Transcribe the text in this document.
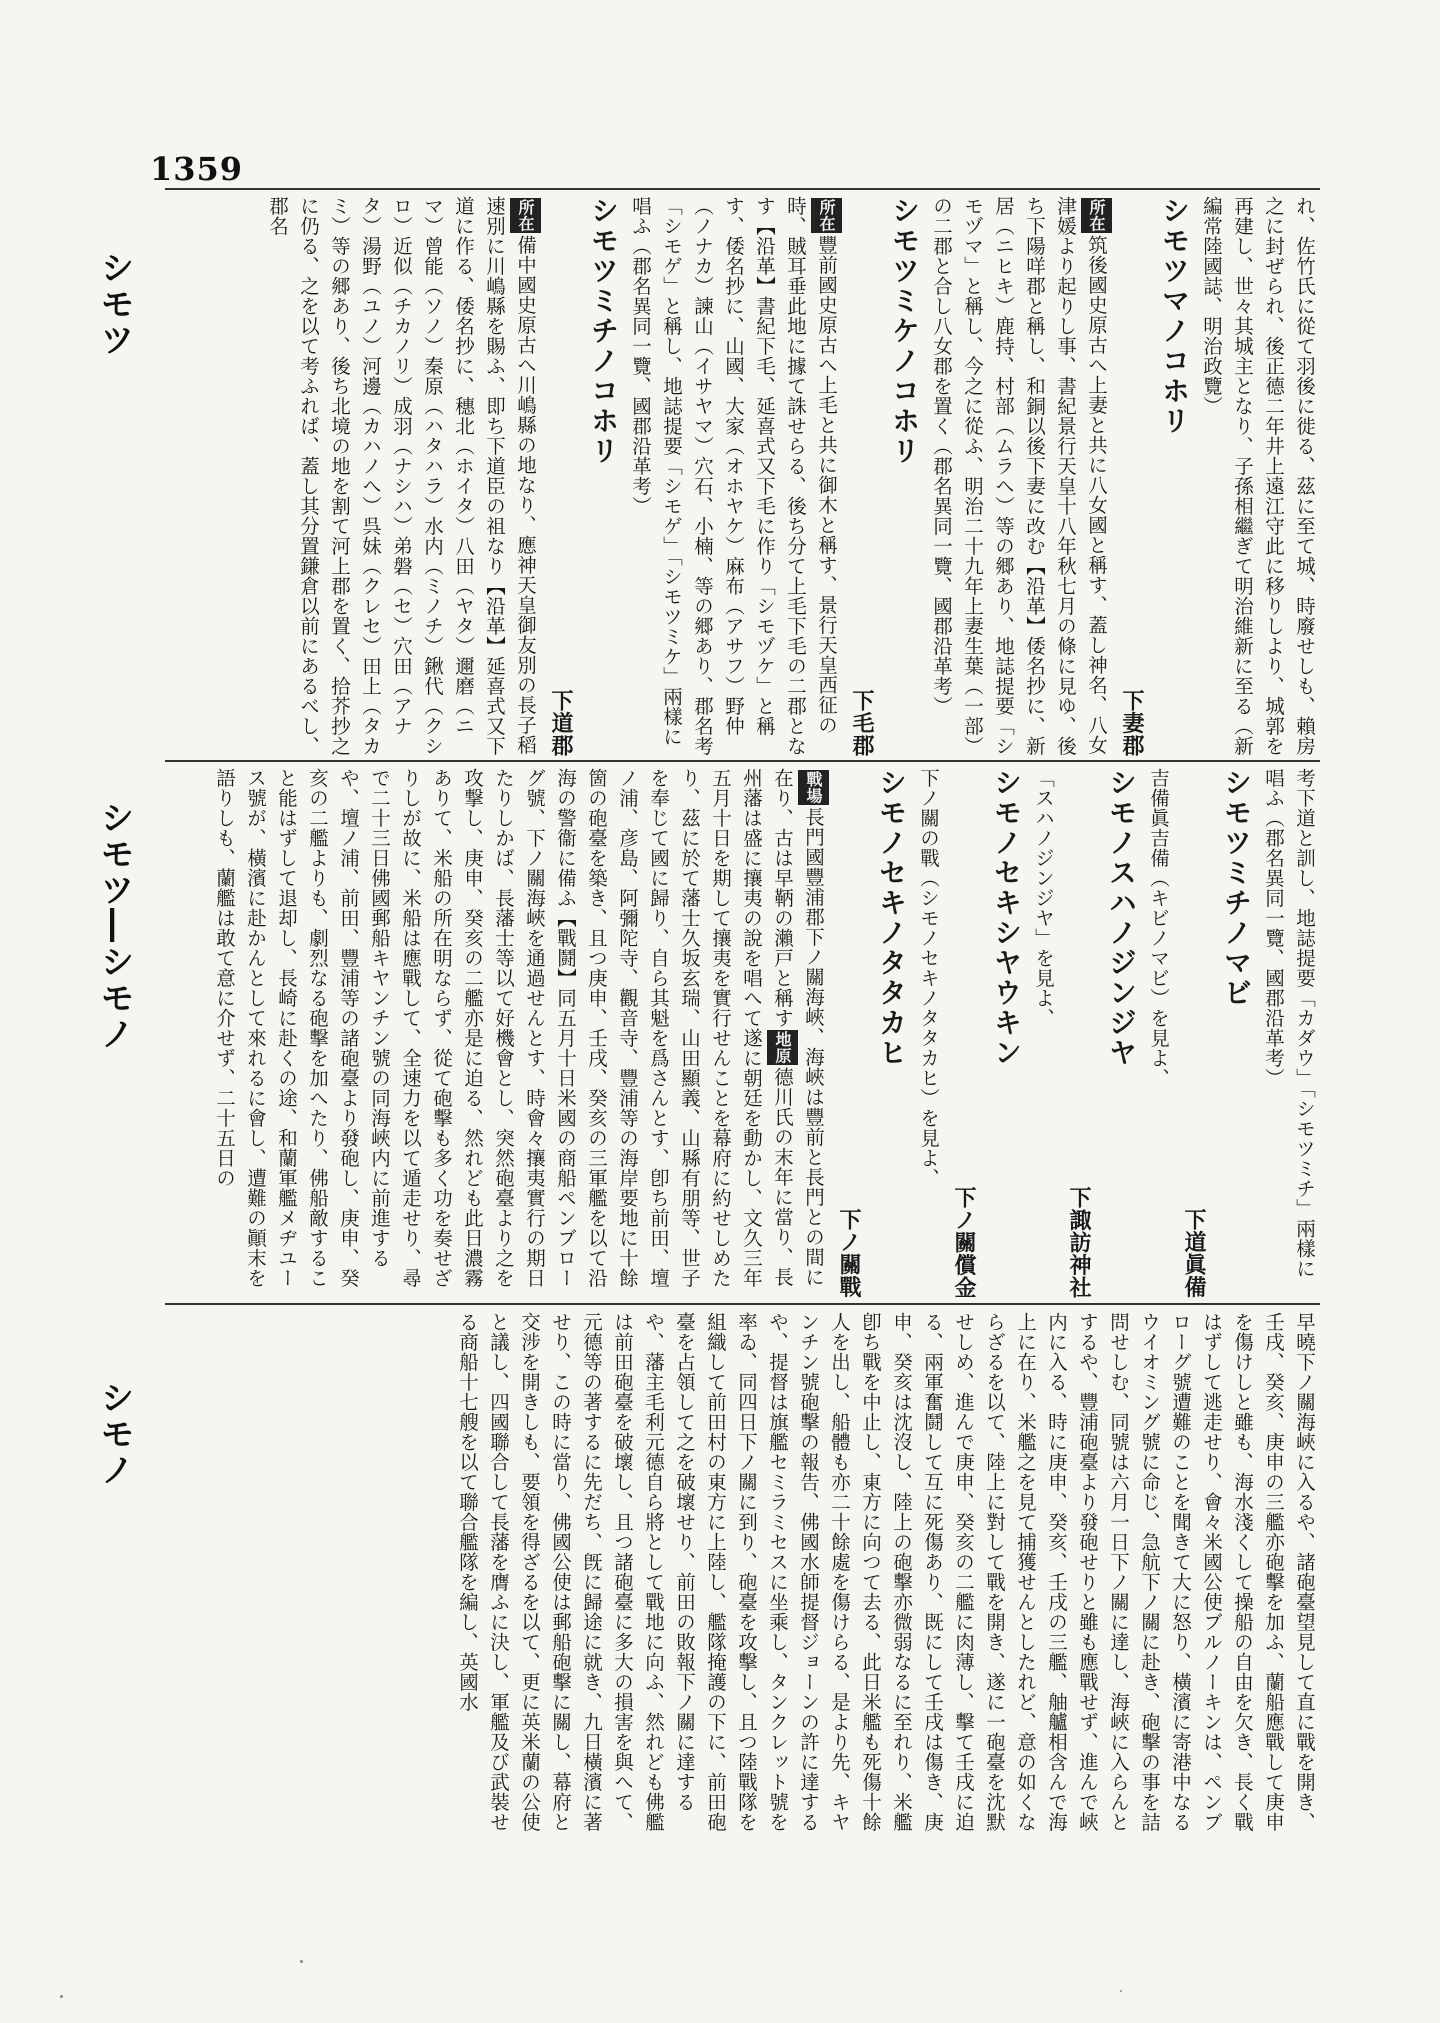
1359
シモツ
シモツ―シモノ
シモノ

れ、佐竹氏に從て羽後に徙る、茲に至て城、時廢せしも、賴房之に封ぜられ、後正德二年井上遠江守此に移りしより、城郭を再建し、世々其城主となり、子孫相繼ぎて明治維新に至る（新編常陸國誌、明治政覽）

シモツマノコホリ

下妻郡

所在筑後國史原古へ上妻と共に八女國と稱す、蓋し神名、八女津媛より起りし事、書紀景行天皇十八年秋七月の條に見ゆ、後ち下陽咩郡と稱し、和銅以後下妻に改む【沿革】倭名抄に、新居（ニヒキ）鹿持、村部（ムラヘ）等の郷あり、地誌提要「シモヅマ」と稱し、今之に從ふ、明治二十九年上妻生葉（一部）の二郡と合し八女郡を置く（郡名異同一覽、國郡沿革考）

シモツミケノコホリ

下毛郡

所在豐前國史原古へ上毛と共に御木と稱す、景行天皇西征の時、賊耳垂此地に據て誅せらる、後ち分て上毛下毛の二郡となす【沿革】書紀下毛、延喜式又下毛に作り「シモヅケ」と稱す、倭名抄に、山國、大家（オホヤケ）麻布（アサフ）野仲（ノナカ）諫山（イサヤマ）穴石、小楠、等の郷あり、郡名考「シモゲ」と稱し、地誌提要「シモゲ」「シモツミケ」兩樣に唱ふ（郡名異同一覽、國郡沿革考）

シモツミチノコホリ

下道郡

所在備中國史原古へ川嶋縣の地なり、應神天皇御友別の長子稻速別に川嶋縣を賜ふ、即ち下道臣の祖なり【沿革】延喜式又下道に作る、倭名抄に、穗北（ホイタ）八田（ヤタ）邇磨（ニマ）曾能（ソノ）秦原（ハタハラ）水内（ミノチ）鍬代（クシロ）近似（チカノリ）成羽（ナシハ）弟磐（セ）穴田（アナタ）湯野（ユノ）河邊（カハノへ）呉妹（クレセ）田上（タカミ）等の郷あり、後ち北境の地を割て河上郡を置く、拾芥抄之に仍る、之を以て考ふれば、蓋し其分置鎌倉以前にあるべし、郡名

考下道と訓し、地誌提要「カダウ」「シモツミチ」兩樣に唱ふ（郡名異同一覽、國郡沿革考）

シモツミチノマビ

下道眞備

吉備眞吉備（キビノマビ）を見よ、

シモノスハノジンジヤ

下諏訪神社

「スハノジンジヤ」を見よ、

シモノセキシヤウキン

下ノ關償金

下ノ關の戰（シモノセキノタタカヒ）を見よ、

シモノセキノタタカヒ

下ノ關戰

戰場長門國豐浦郡下ノ關海峽、海峽は豐前と長門との間に在り、古は早鞆の瀨戸と稱す地原德川氏の末年に當り、長州藩は盛に攘夷の說を唱へて遂に朝廷を動かし、文久三年五月十日を期して攘夷を實行せんことを幕府に約せしめたり、茲に於て藩士久坂玄瑞、山田顯義、山縣有朋等、世子を奉じて國に歸り、自ら其魁を爲さんとす、卽ち前田、壇ノ浦、彦島、阿彌陀寺、觀音寺、豐浦等の海岸要地に十餘箇の砲臺を築き、且つ庚申、壬戌、癸亥の三軍艦を以て沿海の警衞に備ふ【戰鬪】同五月十日米國の商船ペンブローグ號、下ノ關海峽を通過せんとす、時會々攘夷實行の期日たりしかば、長藩士等以て好機會とし、突然砲臺より之を攻撃し、庚申、癸亥の二艦亦是に迫る、然れども此日濃霧ありて、米船の所在明ならず、從て砲擊も多く功を奏せざりしが故に、米船は應戰して、全速力を以て遁走せり、尋で二十三日佛國郵船キヤンチン號の同海峽内に前進するや、壇ノ浦、前田、豐浦等の諸砲臺より發砲し、庚申、癸亥の二艦よりも、劇烈なる砲擊を加へたり、佛船敵すること能はずして退却し、長崎に赴くの途、和蘭軍艦メヂユース號が、橫濱に赴かんとして來れるに會し、遭難の顚末を語りしも、蘭艦は敢て意に介せず、二十五日の

早曉下ノ關海峽に入るや、諸砲臺望見して直に戰を開き、壬戌、癸亥、庚申の三艦亦砲擊を加ふ、蘭船應戰して庚申を傷けしと雖も、海水淺くして操船の自由を欠き、長く戰はずして逃走せり、會々米國公使ブルノーキンは、ペンブローグ號遭難のことを聞きて大に怒り、橫濱に寄港中なるウイオミング號に命じ、急航下ノ關に赴き、砲擊の事を詰問せしむ、同號は六月一日下ノ關に達し、海峽に入らんとするや、豐浦砲臺より發砲せりと雖も應戰せず、進んで峽内に入る、時に庚申、癸亥、壬戌の三艦、舳艫相含んで海上に在り、米艦之を見て捕獲せんとしたれど、意の如くならざるを以て、陸上に對して戰を開き、遂に一砲臺を沈默せしめ、進んで庚申、癸亥の二艦に肉薄し、擊て壬戌に迫る、兩軍奮鬪して互に死傷あり、既にして壬戌は傷き、庚申、癸亥は沈沒し、陸上の砲擊亦微弱なるに至れり、米艦卽ち戰を中止し、東方に向つて去る、此日米艦も死傷十餘人を出し、船體も亦二十餘處を傷けらる、是より先、キヤンチン號砲擊の報告、佛國水師提督ジョーンの許に達するや、提督は旗艦セミラミセスに坐乘し、タンクレット號を率ゐ、同四日下ノ關に到り、砲臺を攻擊し、且つ陸戰隊を組織して前田村の東方に上陸し、艦隊掩護の下に、前田砲臺を占領して之を破壞せり、前田の敗報下ノ關に達するや、藩主毛利元德自ら將として戰地に向ふ、然れども佛艦は前田砲臺を破壞し、且つ諸砲臺に多大の損害を與へて、元德等の著するに先だち、旣に歸途に就き、九日橫濱に著せり、この時に當り、佛國公使は郵船砲擊に關し、幕府と交涉を開きしも、要領を得ざるを以て、更に英米蘭の公使と議し、四國聯合して長藩を膺ふに決し、軍艦及び武裝せる商船十七艘を以て聯合艦隊を編し、英國水
